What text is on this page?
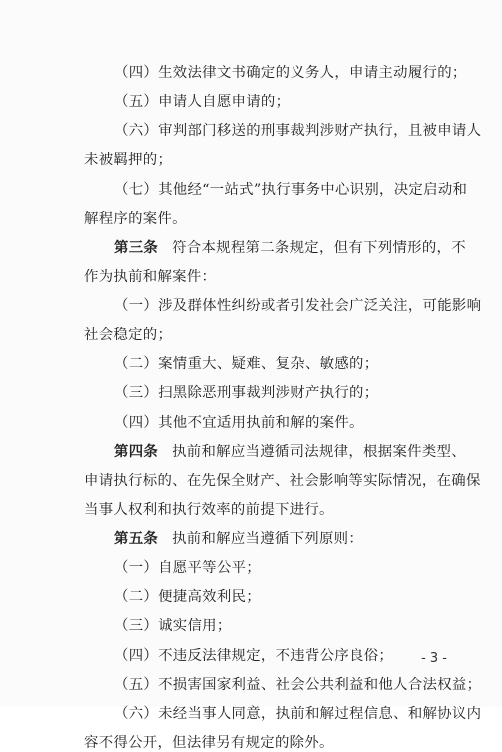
（四）生效法律文书确定的义务人，申请主动履行的；
（五）申请人自愿申请的；
（六）审判部门移送的刑事裁判涉财产执行，且被申请人
未被羁押的；
（七）其他经“一站式”执行事务中心识别，决定启动和
解程序的案件。
第三条 符合本规程第二条规定，但有下列情形的，不
作为执前和解案件：
（一）涉及群体性纠纷或者引发社会广泛关注，可能影响
社会稳定的；
（二）案情重大、疑难、复杂、敏感的；
（三）扫黑除恶刑事裁判涉财产执行的；
（四）其他不宜适用执前和解的案件。
第四条 执前和解应当遵循司法规律，根据案件类型、
申请执行标的、在先保全财产、社会影响等实际情况，在确保
当事人权利和执行效率的前提下进行。
第五条 执前和解应当遵循下列原则：
（一）自愿平等公平；
（二）便捷高效利民；
（三）诚实信用；
（四）不违反法律规定，不违背公序良俗；
（五）不损害国家利益、社会公共利益和他人合法权益；
（六）未经当事人同意，执前和解过程信息、和解协议内
容不得公开，但法律另有规定的除外。
- 3 -
